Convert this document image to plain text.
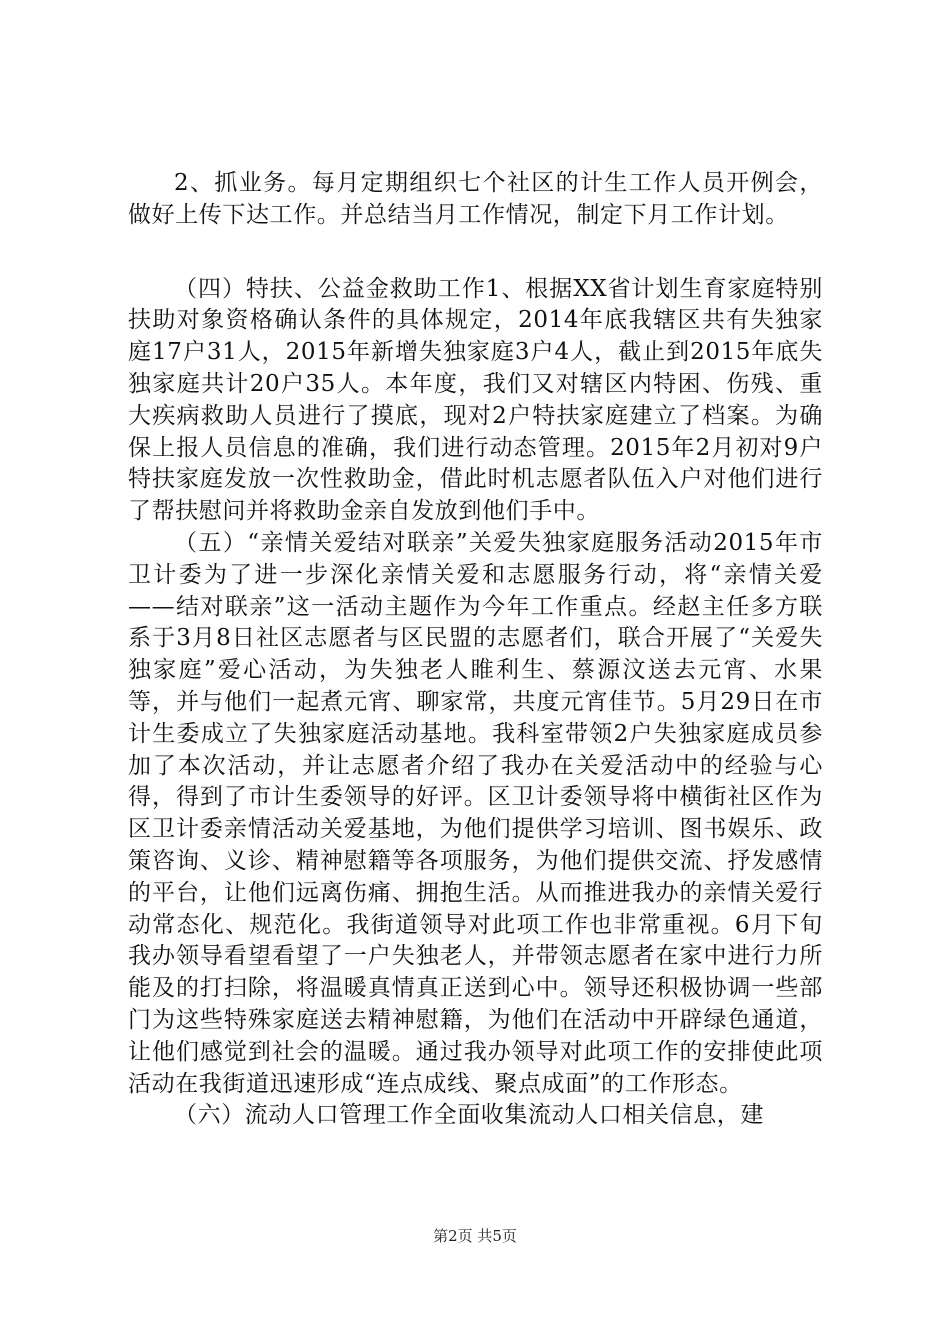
2、抓业务。每月定期组织七个社区的计生工作人员开例会，做好上传下达工作。并总结当月工作情况，制定下月工作计划。

（四）特扶、公益金救助工作1、根据XX省计划生育家庭特别扶助对象资格确认条件的具体规定，2014年底我辖区共有失独家庭17户31人，2015年新增失独家庭3户4人，截止到2015年底失独家庭共计20户35人。本年度，我们又对辖区内特困、伤残、重大疾病救助人员进行了摸底，现对2户特扶家庭建立了档案。为确保上报人员信息的准确，我们进行动态管理。2015年2月初对9户特扶家庭发放一次性救助金，借此时机志愿者队伍入户对他们进行了帮扶慰问并将救助金亲自发放到他们手中。

（五）“亲情关爱结对联亲”关爱失独家庭服务活动2015年市卫计委为了进一步深化亲情关爱和志愿服务行动，将“亲情关爱——结对联亲”这一活动主题作为今年工作重点。经赵主任多方联系于3月8日社区志愿者与区民盟的志愿者们，联合开展了“关爱失独家庭”爱心活动，为失独老人睢利生、蔡源汶送去元宵、水果等，并与他们一起煮元宵、聊家常，共度元宵佳节。5月29日在市计生委成立了失独家庭活动基地。我科室带领2户失独家庭成员参加了本次活动，并让志愿者介绍了我办在关爱活动中的经验与心得，得到了市计生委领导的好评。区卫计委领导将中横街社区作为区卫计委亲情活动关爱基地，为他们提供学习培训、图书娱乐、政策咨询、义诊、精神慰籍等各项服务，为他们提供交流、抒发感情的平台，让他们远离伤痛、拥抱生活。从而推进我办的亲情关爱行动常态化、规范化。我街道领导对此项工作也非常重视。6月下旬我办领导看望看望了一户失独老人，并带领志愿者在家中进行力所能及的打扫除，将温暖真情真正送到心中。领导还积极协调一些部门为这些特殊家庭送去精神慰籍，为他们在活动中开辟绿色通道，让他们感觉到社会的温暖。通过我办领导对此项工作的安排使此项活动在我街道迅速形成“连点成线、聚点成面”的工作形态。

（六）流动人口管理工作全面收集流动人口相关信息，建

第2页 共5页
